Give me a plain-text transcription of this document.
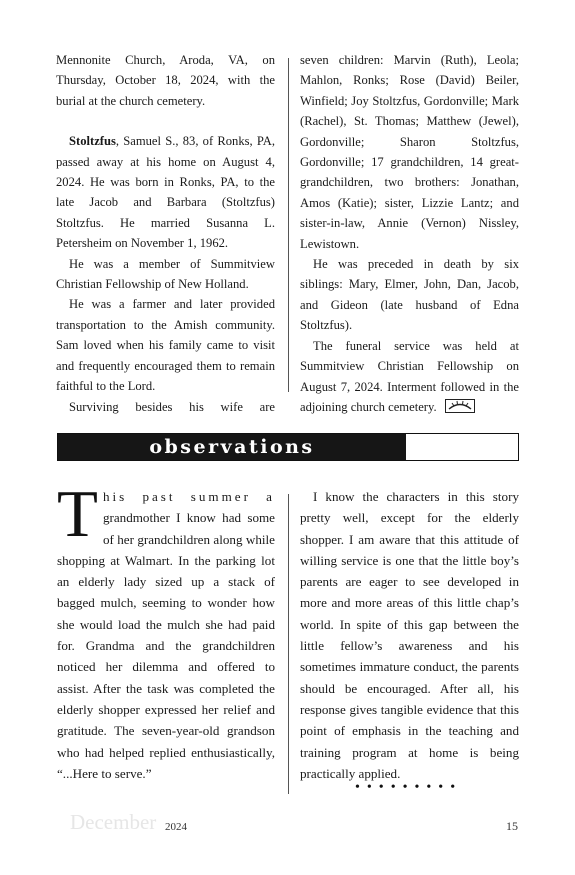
Mennonite Church, Aroda, VA, on Thursday, October 18, 2024, with the burial at the church cemetery.

Stoltzfus, Samuel S., 83, of Ronks, PA, passed away at his home on August 4, 2024. He was born in Ronks, PA, to the late Jacob and Barbara (Stoltzfus) Stoltzfus. He married Susanna L. Petersheim on November 1, 1962.

He was a member of Summitview Christian Fellowship of New Holland.

He was a farmer and later provided transportation to the Amish community. Sam loved when his family came to visit and frequently encouraged them to remain faithful to the Lord.

Surviving besides his wife are

seven children: Marvin (Ruth), Leola; Mahlon, Ronks; Rose (David) Beiler, Winfield; Joy Stoltzfus, Gordonville; Mark (Rachel), St. Thomas; Matthew (Jewel), Gordonville; Sharon Stoltzfus, Gordonville; 17 grandchildren, 14 great-grandchildren, two brothers: Jonathan, Amos (Katie); sister, Lizzie Lantz; and sister-in-law, Annie (Vernon) Nissley, Lewistown.

He was preceded in death by six siblings: Mary, Elmer, John, Dan, Jacob, and Gideon (late husband of Edna Stoltzfus).

The funeral service was held at Summitview Christian Fellowship on August 7, 2024. Interment followed in the adjoining church cemetery.

observations
T his past summer a
grandmother I know had some of her grandchildren along while shopping at Walmart. In the parking lot an elderly lady sized up a stack of bagged mulch, seeming to wonder how she would load the mulch she had paid for. Grandma and the grandchildren noticed her dilemma and offered to assist. After the task was completed the elderly shopper expressed her relief and gratitude. The seven-year-old grandson who had helped replied enthusiastically, “...Here to serve.”

I know the characters in this story pretty well, except for the elderly shopper. I am aware that this attitude of willing service is one that the little boy’s parents are eager to see developed in more and more areas of this little chap’s world. In spite of this gap between the little fellow’s awareness and his sometimes immature conduct, the parents should be encouraged. After all, his response gives tangible evidence that this point of emphasis in the teaching and training program at home is being practically applied.

•••••••••
December 2024	15
